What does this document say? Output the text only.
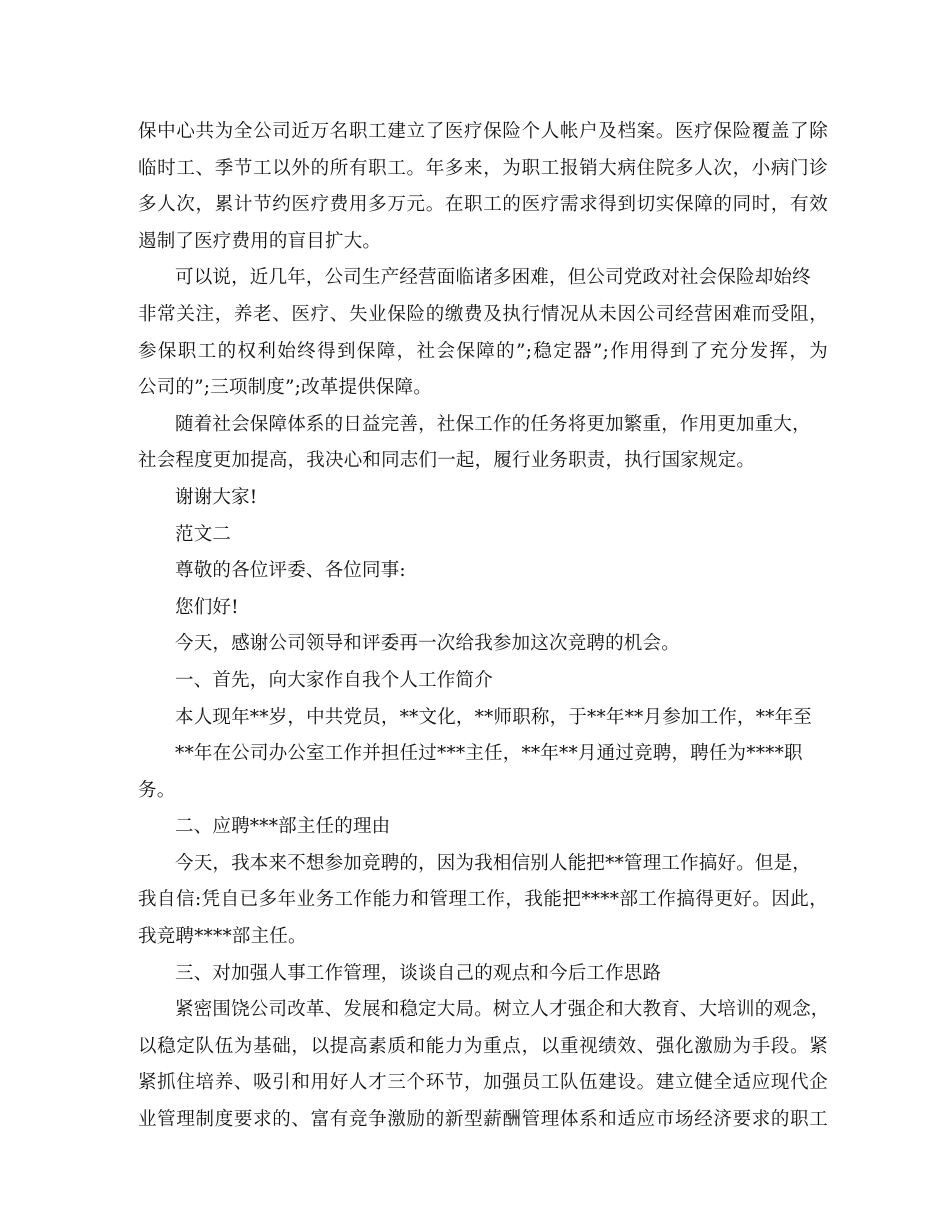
保中心共为全公司近万名职工建立了医疗保险个人帐户及档案。医疗保险覆盖了除
临时工、季节工以外的所有职工。年多来，为职工报销大病住院多人次，小病门诊
多人次，累计节约医疗费用多万元。在职工的医疗需求得到切实保障的同时，有效
遏制了医疗费用的盲目扩大。
可以说，近几年，公司生产经营面临诸多困难，但公司党政对社会保险却始终
非常关注，养老、医疗、失业保险的缴费及执行情况从未因公司经营困难而受阻，
参保职工的权利始终得到保障，社会保障的”;稳定器”;作用得到了充分发挥，为
公司的”;三项制度”;改革提供保障。
随着社会保障体系的日益完善，社保工作的任务将更加繁重，作用更加重大，
社会程度更加提高，我决心和同志们一起，履行业务职责，执行国家规定。
谢谢大家!
范文二
尊敬的各位评委、各位同事:
您们好!
今天，感谢公司领导和评委再一次给我参加这次竞聘的机会。
一、首先，向大家作自我个人工作简介
本人现年**岁，中共党员，**文化，**师职称，于**年**月参加工作，**年至
**年在公司办公室工作并担任过***主任，**年**月通过竞聘，聘任为****职
务。
二、应聘***部主任的理由
今天，我本来不想参加竞聘的，因为我相信别人能把**管理工作搞好。但是，
我自信:凭自已多年业务工作能力和管理工作，我能把****部工作搞得更好。因此，
我竞聘****部主任。
三、对加强人事工作管理，谈谈自己的观点和今后工作思路
紧密围饶公司改革、发展和稳定大局。树立人才强企和大教育、大培训的观念，
以稳定队伍为基础，以提高素质和能力为重点，以重视绩效、强化激励为手段。紧
紧抓住培养、吸引和用好人才三个环节，加强员工队伍建设。建立健全适应现代企
业管理制度要求的、富有竞争激励的新型薪酬管理体系和适应市场经济要求的职工
